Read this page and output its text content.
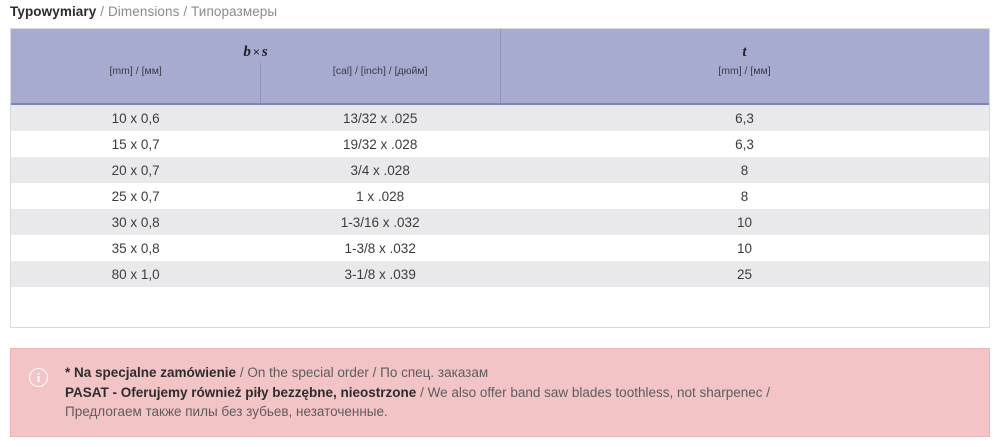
Typowymiary / Dimensions / Типоразмеры
b × s		t
[mm] / [мм]	[cal] / [inch] / [дюйм]	[mm] / [мм]
10 x 0,6	13/32 x .025	6,3
15 x 0,7	19/32 x .028	6,3
20 x 0,7	3/4 x .028	8
25 x 0,7	1 x .028	8
30 x 0,8	1-3/16 x .032	10
35 x 0,8	1-3/8 x .032	10
80 x 1,0	3-1/8 x .039	25

i	* Na specjalne zamówienie / On the special order / По спец. заказам
PASAT - Oferujemy również piły bezzębne, nieostrzone / We also offer band saw blades toothless, not sharpenec /
Предлогаем также пилы без зубьев, незаточенные.
